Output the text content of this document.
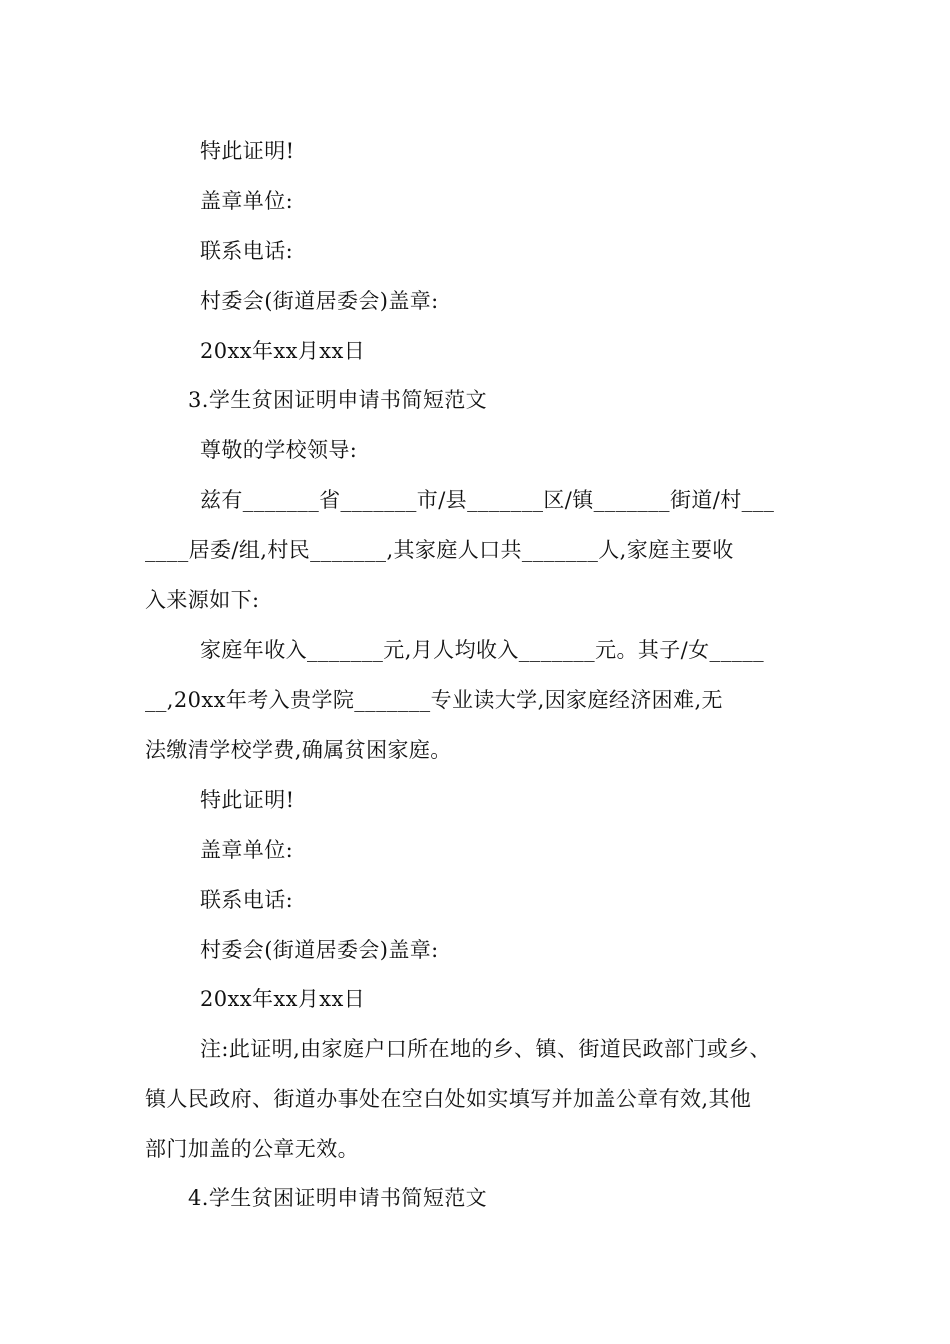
特此证明!
盖章单位:
联系电话:
村委会(街道居委会)盖章:
20xx年xx月xx日
3.学生贫困证明申请书简短范文
尊敬的学校领导:
兹有_______省_______市/县_______区/镇_______街道/村___
____居委/组,村民_______,其家庭人口共_______人,家庭主要收
入来源如下:
家庭年收入_______元,月人均收入_______元。其子/女_____
__,20xx年考入贵学院_______专业读大学,因家庭经济困难,无
法缴清学校学费,确属贫困家庭。
特此证明!
盖章单位:
联系电话:
村委会(街道居委会)盖章:
20xx年xx月xx日
注:此证明,由家庭户口所在地的乡、镇、街道民政部门或乡、
镇人民政府、街道办事处在空白处如实填写并加盖公章有效,其他
部门加盖的公章无效。
4.学生贫困证明申请书简短范文
